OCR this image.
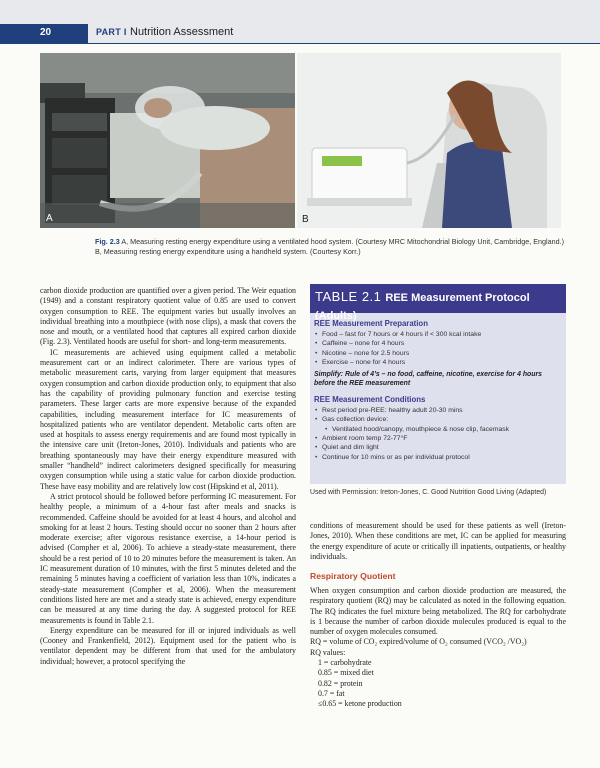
20	PART I Nutrition Assessment
A	B
Fig. 2.3 A, Measuring resting energy expenditure using a ventilated hood system. (Courtesy MRC Mitochondrial Biology Unit, Cambridge, England.) B, Measuring resting energy expenditure using a handheld system. (Courtesy Korr.)

carbon dioxide production are quantified over a given period. The Weir equation (1949) and a constant respiratory quotient value of 0.85 are used to convert oxygen consumption to REE. The equipment varies but usually involves an individual breathing into a mouthpiece (with nose clips), a mask that covers the nose and mouth, or a ventilated hood that captures all expired carbon dioxide (Fig. 2.3). Ventilated hoods are useful for short- and long-term measurements.

IC measurements are achieved using equipment called a metabolic measurement cart or an indirect calorimeter. There are various types of metabolic measurement carts, varying from larger equipment that measures oxygen consumption and carbon dioxide production only, to equipment that also has the capability of providing pulmonary function and exercise testing parameters. These larger carts are more expensive because of the expanded capabilities, including measurement interface for IC measurements of hospitalized patients who are ventilator dependent. Metabolic carts often are used at hospitals to assess energy requirements and are found most typically in the intensive care unit (Ireton-Jones, 2010). Individuals and patients who are breathing spontaneously may have their energy expenditure measured with smaller “handheld” indirect calorimeters designed specifically for measuring oxygen consumption while using a static value for carbon dioxide production. These have easy mobility and are relatively low cost (Hipskind et al, 2011).

A strict protocol should be followed before performing IC measurement. For healthy people, a minimum of a 4-hour fast after meals and snacks is recommended. Caffeine should be avoided for at least 4 hours, and alcohol and smoking for at least 2 hours. Testing should occur no sooner than 2 hours after moderate exercise; after vigorous resistance exercise, a 14-hour period is advised (Compher et al, 2006). To achieve a steady-state measurement, there should be a rest period of 10 to 20 minutes before the measurement is taken. An IC measurement duration of 10 minutes, with the first 5 minutes deleted and the remaining 5 minutes having a coefficient of variation less than 10%, indicates a steady-state measurement (Compher et al, 2006). When the measurement conditions listed here are met and a steady state is achieved, energy expenditure can be measured at any time during the day. A suggested protocol for REE measurements is found in Table 2.1.

Energy expenditure can be measured for ill or injured individuals as well (Cooney and Frankenfield, 2012). Equipment used for the patient who is ventilator dependent may be different from that used for the ambulatory individual; however, a protocol specifying the

TABLE 2.1 REE Measurement Protocol (Adults)
REE Measurement Preparation
• Food – fast for 7 hours or 4 hours if < 300 kcal intake
• Caffeine – none for 4 hours
• Nicotine – none for 2.5 hours
• Exercise – none for 4 hours
Simplify: Rule of 4’s – no food, caffeine, nicotine, exercise for 4 hours before the REE measurement
REE Measurement Conditions
• Rest period pre-REE: healthy adult 20-30 mins
• Gas collection device:
• Ventilated hood/canopy, mouthpiece & nose clip, facemask
• Ambient room temp 72-77°F
• Quiet and dim light
• Continue for 10 mins or as per individual protocol
Used with Permission: Ireton-Jones, C. Good Nutrition Good Living (Adapted)

conditions of measurement should be used for these patients as well (Ireton-Jones, 2010). When these conditions are met, IC can be applied for measuring the energy expenditure of acute or critically ill inpatients, outpatients, or healthy individuals.

Respiratory Quotient

When oxygen consumption and carbon dioxide production are measured, the respiratory quotient (RQ) may be calculated as noted in the following equation. The RQ indicates the fuel mixture being metabolized. The RQ for carbohydrate is 1 because the number of carbon dioxide molecules produced is equal to the number of oxygen molecules consumed.

RQ = volume of CO₂ expired/volume of O₂ consumed (VCO₂ /VO₂)

RQ values:

1 = carbohydrate

0.85 = mixed diet

0.82 = protein

0.7 = fat

≤0.65 = ketone production
